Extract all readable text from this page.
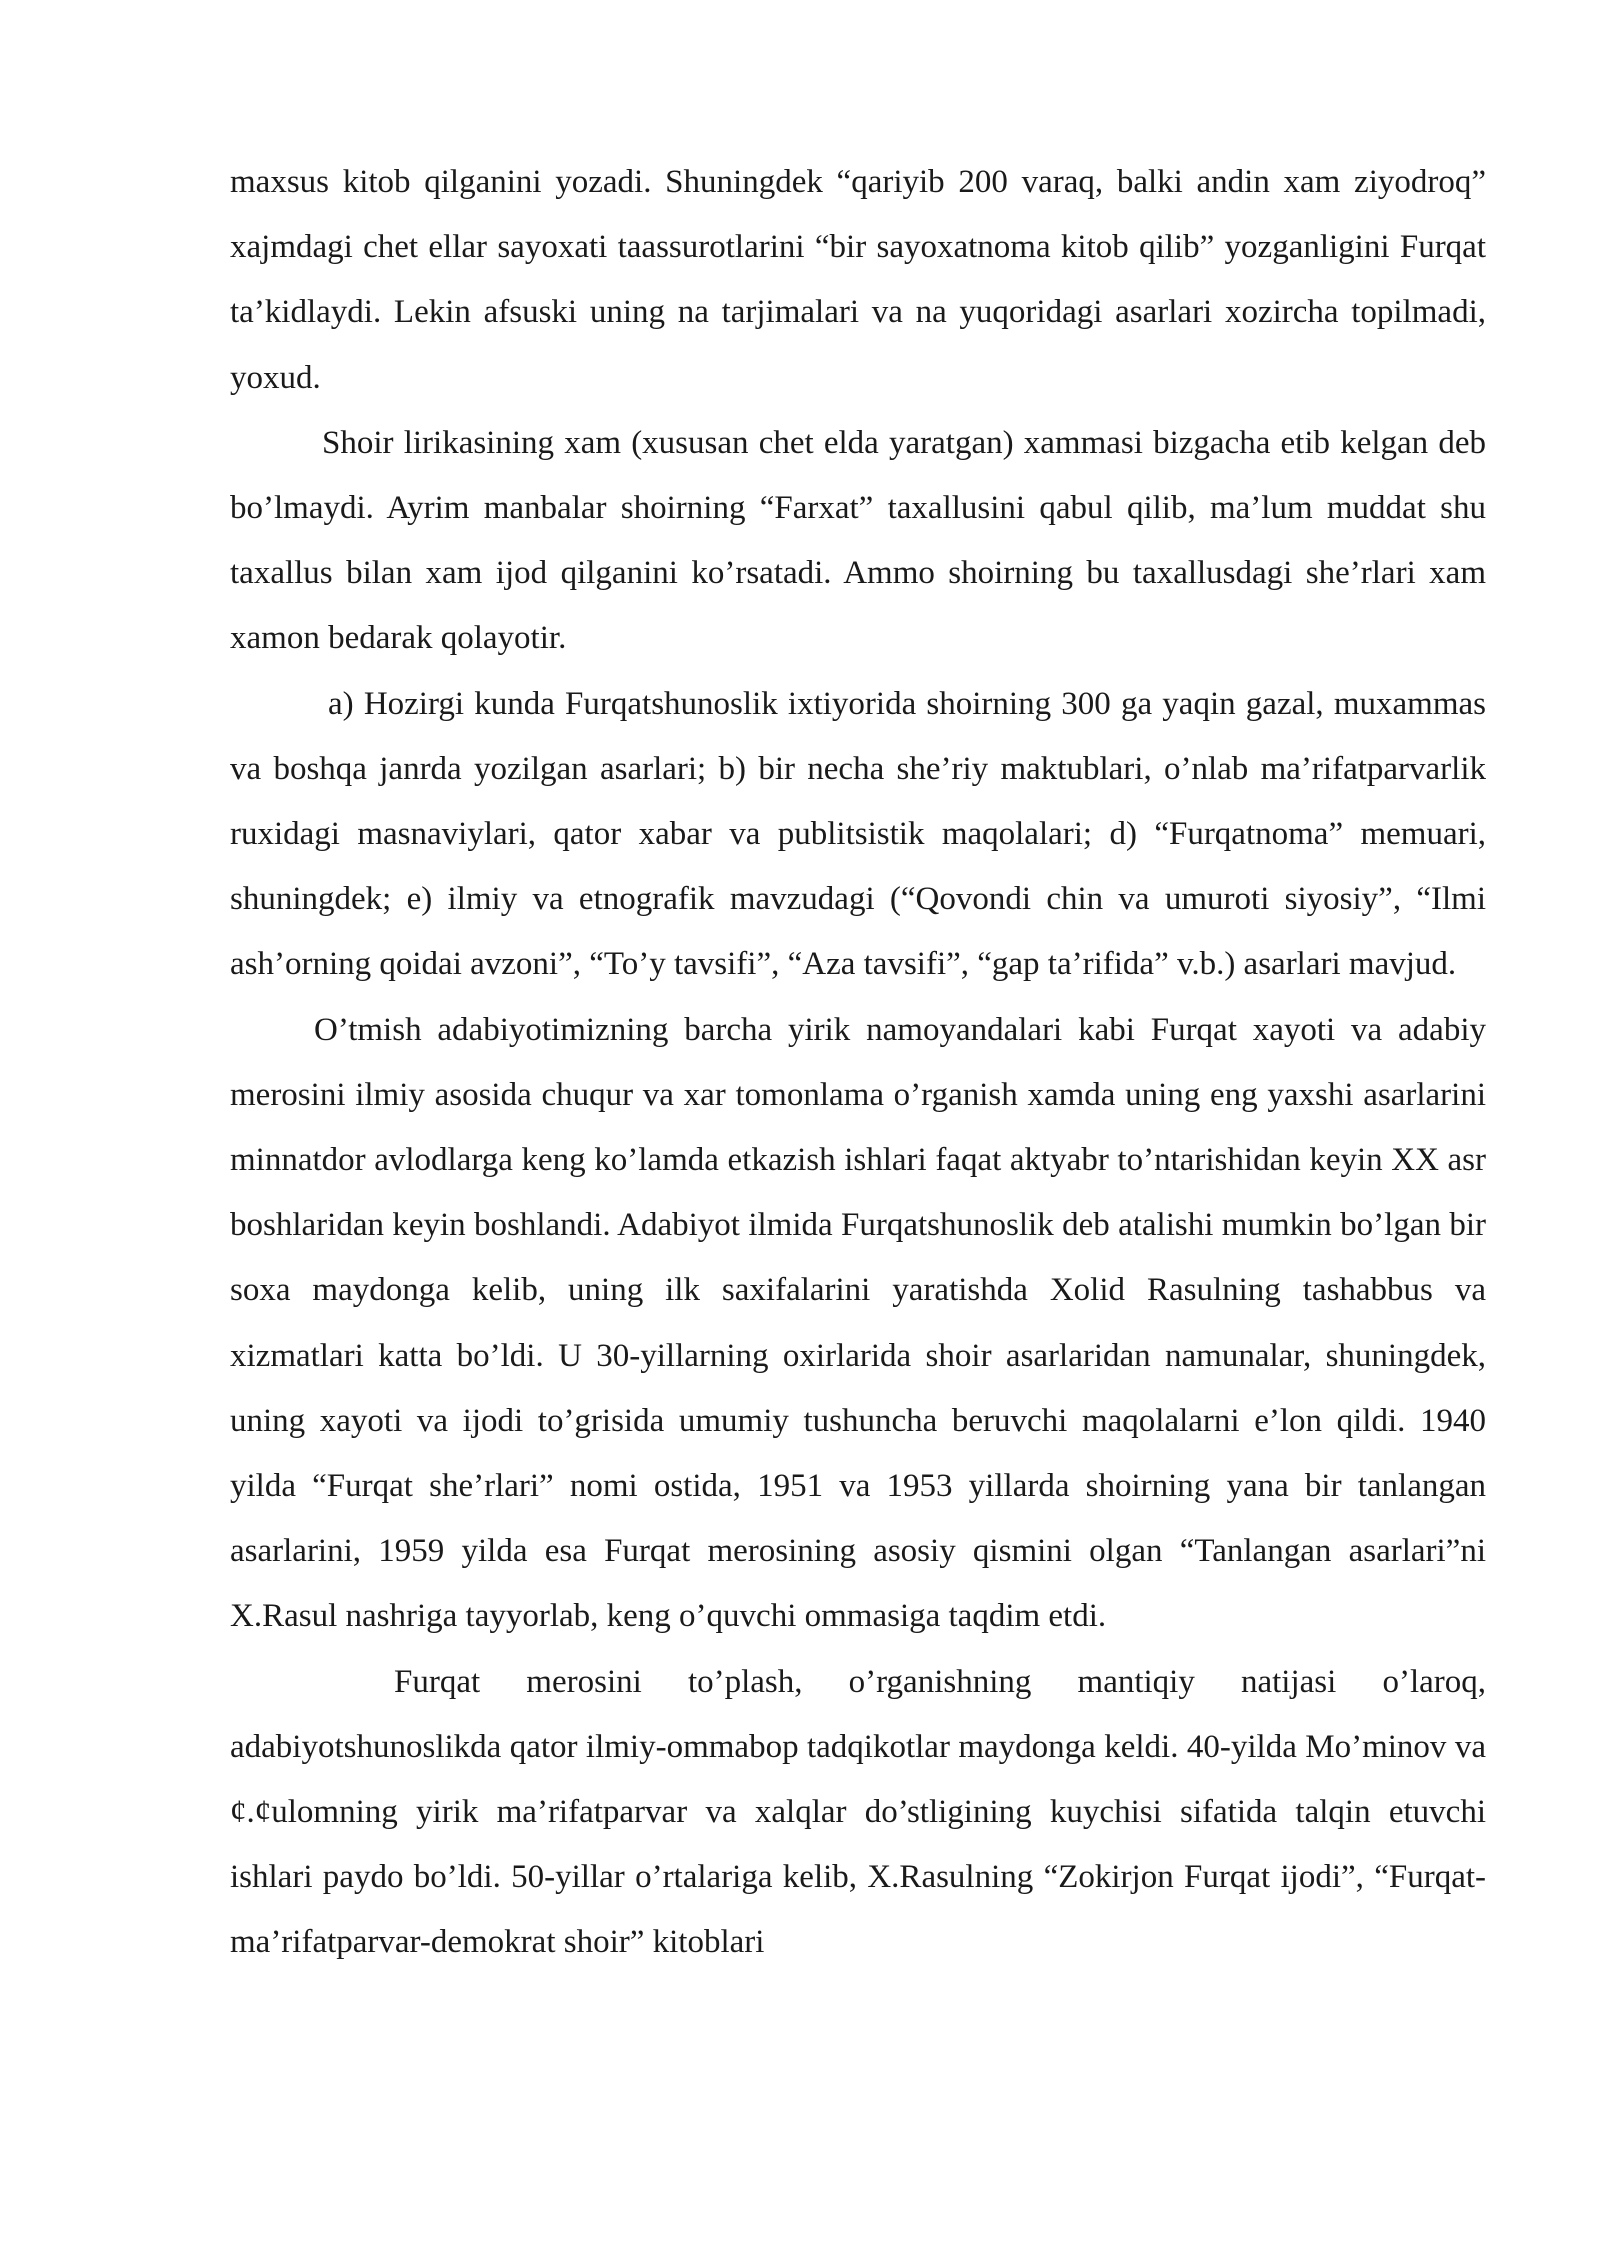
maxsus kitob qilganini yozadi. Shuningdek “qariyib 200 varaq, balki andin xam ziyodroq” xajmdagi chet ellar sayoxati taassurotlarini “bir sayoxatnoma kitob qilib” yozganligini Furqat ta’kidlaydi. Lekin afsuski uning na tarjimalari va na yuqoridagi asarlari xozircha topilmadi, yoxud.

Shoir lirikasining xam (xususan chet elda yaratgan) xammasi bizgacha etib kelgan deb bo’lmaydi. Ayrim manbalar shoirning “Farxat” taxallusini qabul qilib, ma’lum muddat shu taxallus bilan xam ijod qilganini ko’rsatadi. Ammo shoirning bu taxallusdagi she’rlari xam xamon bedarak qolayotir.

a) Hozirgi kunda Furqatshunoslik ixtiyorida shoirning 300 ga yaqin gazal, muxammas va boshqa janrda yozilgan asarlari; b) bir necha she’riy maktublari, o’nlab ma’rifatparvarlik ruxidagi masnaviylari, qator xabar va publitsistik maqolalari; d) “Furqatnoma” memuari, shuningdek; e) ilmiy va etnografik mavzudagi (“Qovondi chin va umuroti siyosiy”, “Ilmi ash’orning qoidai avzoni”, “To’y tavsifi”, “Aza tavsifi”, “gap ta’rifida” v.b.) asarlari mavjud.

O’tmish adabiyotimizning barcha yirik namoyandalari kabi Furqat xayoti va adabiy merosini ilmiy asosida chuqur va xar tomonlama o’rganish xamda uning eng yaxshi asarlarini minnatdor avlodlarga keng ko’lamda etkazish ishlari faqat aktyabr to’ntarishidan keyin XX asr boshlaridan keyin boshlandi. Adabiyot ilmida Furqatshunoslik deb atalishi mumkin bo’lgan bir soxa maydonga kelib, uning ilk saxifalarini yaratishda Xolid Rasulning tashabbus va xizmatlari katta bo’ldi. U 30-yillarning oxirlarida shoir asarlaridan namunalar, shuningdek, uning xayoti va ijodi to’grisida umumiy tushuncha beruvchi maqolalarni e’lon qildi. 1940 yilda “Furqat she’rlari” nomi ostida, 1951 va 1953 yillarda shoirning yana bir tanlangan asarlarini, 1959 yilda esa Furqat merosining asosiy qismini olgan “Tanlangan asarlari”ni X.Rasul nashriga tayyorlab, keng o’quvchi ommasiga taqdim etdi.

Furqat merosini to’plash, o’rganishning mantiqiy natijasi o’laroq, adabiyotshunoslikda qator ilmiy-ommabop tadqikotlar maydonga keldi. 40-yilda Mo’minov va ¢.¢ulomning yirik ma’rifatparvar va xalqlar do’stligining kuychisi sifatida talqin etuvchi ishlari paydo bo’ldi. 50-yillar o’rtalariga kelib, X.Rasulning “Zokirjon Furqat ijodi”, “Furqat-ma’rifatparvar-demokrat shoir” kitoblari
